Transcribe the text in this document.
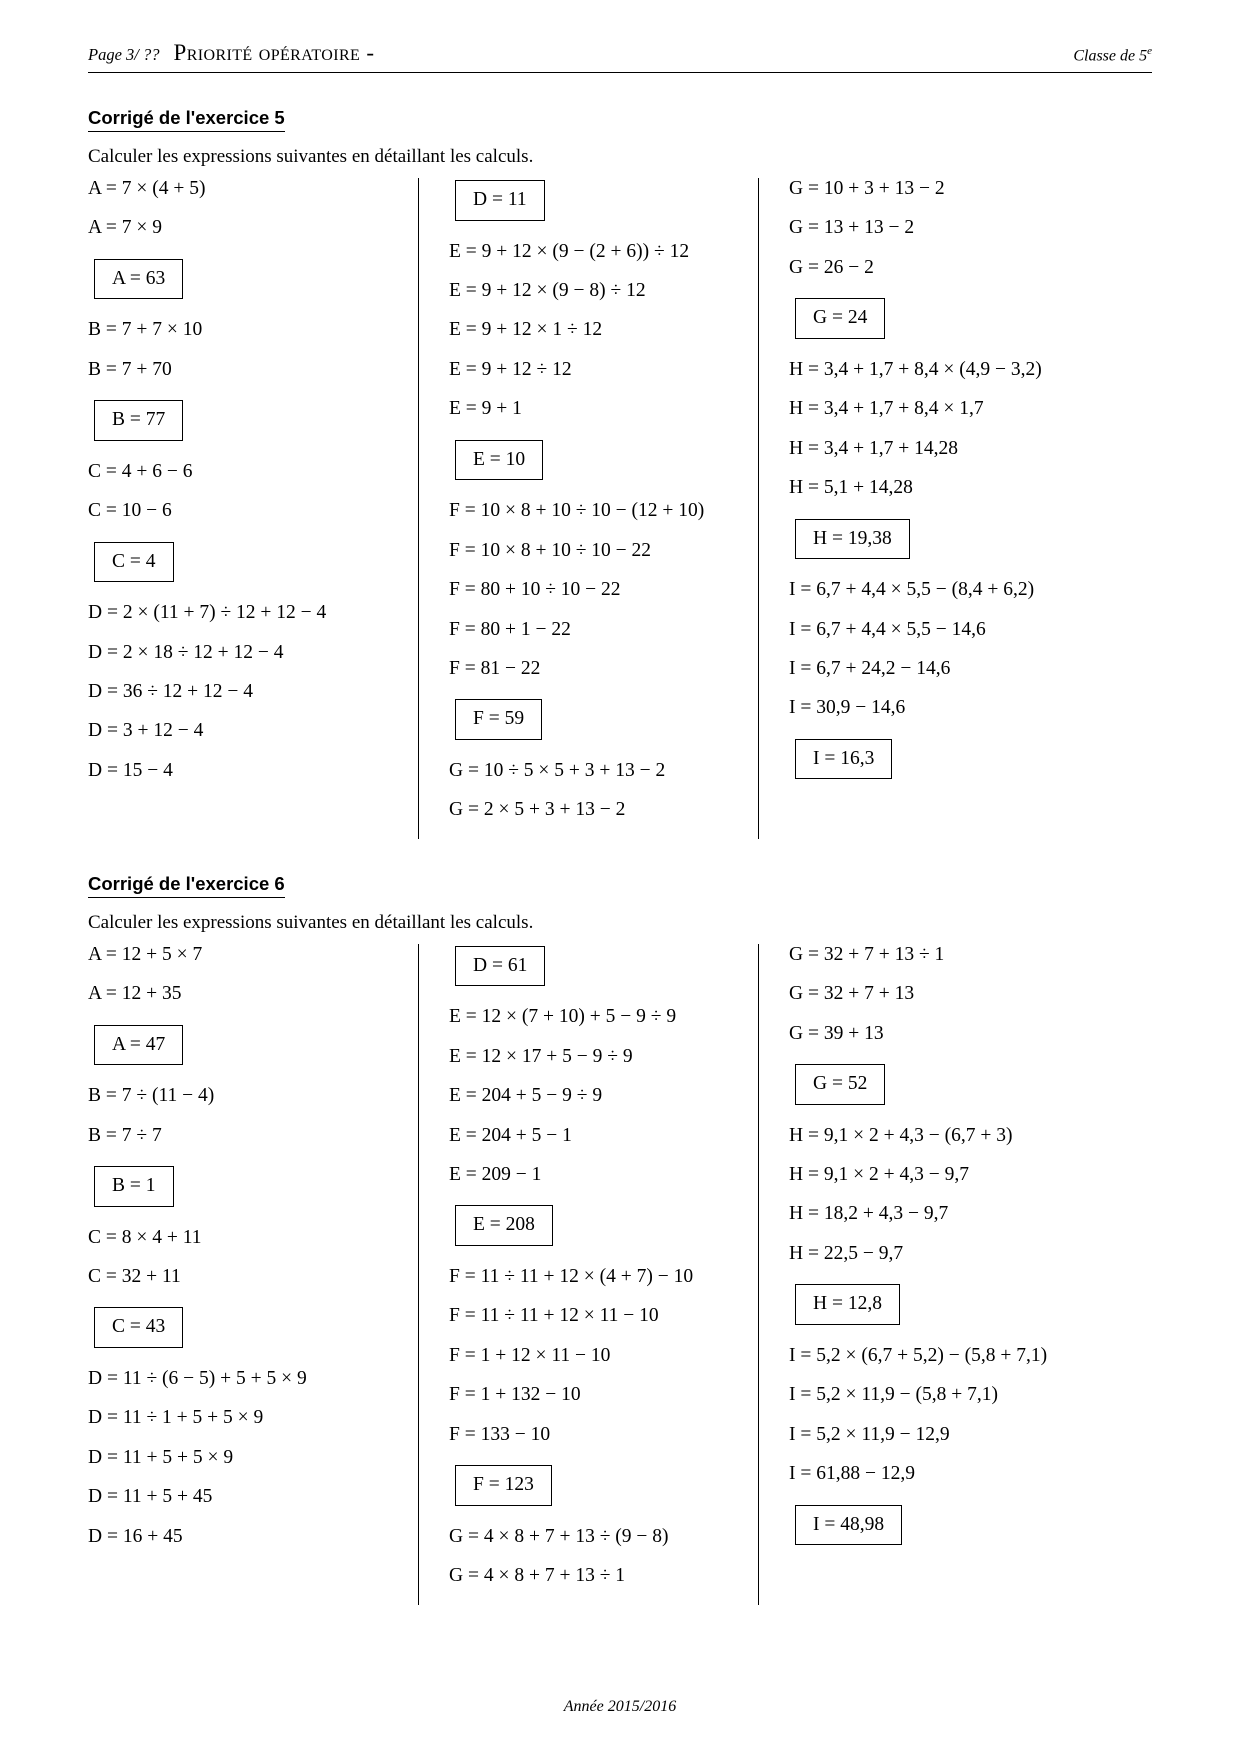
Page 3/ ?? Priorité opératoire -	Classe de 5e
Corrigé de l'exercice 5
Calculer les expressions suivantes en détaillant les calculs.
A = 7 × (4 + 5)
A = 7 × 9
A = 63
B = 7 + 7 × 10
B = 7 + 70
B = 77
C = 4 + 6 − 6
C = 10 − 6
C = 4
D = 2 × (11 + 7) ÷ 12 + 12 − 4
D = 2 × 18 ÷ 12 + 12 − 4
D = 36 ÷ 12 + 12 − 4
D = 3 + 12 − 4
D = 15 − 4
D = 11
E = 9 + 12 × (9 − (2 + 6)) ÷ 12
E = 9 + 12 × (9 − 8) ÷ 12
E = 9 + 12 × 1 ÷ 12
E = 9 + 12 ÷ 12
E = 9 + 1
E = 10
F = 10 × 8 + 10 ÷ 10 − (12 + 10)
F = 10 × 8 + 10 ÷ 10 − 22
F = 80 + 10 ÷ 10 − 22
F = 80 + 1 − 22
F = 81 − 22
F = 59
G = 10 ÷ 5 × 5 + 3 + 13 − 2
G = 2 × 5 + 3 + 13 − 2
G = 10 + 3 + 13 − 2
G = 13 + 13 − 2
G = 26 − 2
G = 24
H = 3,4 + 1,7 + 8,4 × (4,9 − 3,2)
H = 3,4 + 1,7 + 8,4 × 1,7
H = 3,4 + 1,7 + 14,28
H = 5,1 + 14,28
H = 19,38
I = 6,7 + 4,4 × 5,5 − (8,4 + 6,2)
I = 6,7 + 4,4 × 5,5 − 14,6
I = 6,7 + 24,2 − 14,6
I = 30,9 − 14,6
I = 16,3
Corrigé de l'exercice 6
Calculer les expressions suivantes en détaillant les calculs.
A = 12 + 5 × 7
A = 12 + 35
A = 47
B = 7 ÷ (11 − 4)
B = 7 ÷ 7
B = 1
C = 8 × 4 + 11
C = 32 + 11
C = 43
D = 11 ÷ (6 − 5) + 5 + 5 × 9
D = 11 ÷ 1 + 5 + 5 × 9
D = 11 + 5 + 5 × 9
D = 11 + 5 + 45
D = 16 + 45
D = 61
E = 12 × (7 + 10) + 5 − 9 ÷ 9
E = 12 × 17 + 5 − 9 ÷ 9
E = 204 + 5 − 9 ÷ 9
E = 204 + 5 − 1
E = 209 − 1
E = 208
F = 11 ÷ 11 + 12 × (4 + 7) − 10
F = 11 ÷ 11 + 12 × 11 − 10
F = 1 + 12 × 11 − 10
F = 1 + 132 − 10
F = 133 − 10
F = 123
G = 4 × 8 + 7 + 13 ÷ (9 − 8)
G = 4 × 8 + 7 + 13 ÷ 1
G = 32 + 7 + 13 ÷ 1
G = 32 + 7 + 13
G = 39 + 13
G = 52
H = 9,1 × 2 + 4,3 − (6,7 + 3)
H = 9,1 × 2 + 4,3 − 9,7
H = 18,2 + 4,3 − 9,7
H = 22,5 − 9,7
H = 12,8
I = 5,2 × (6,7 + 5,2) − (5,8 + 7,1)
I = 5,2 × 11,9 − (5,8 + 7,1)
I = 5,2 × 11,9 − 12,9
I = 61,88 − 12,9
I = 48,98
Année 2015/2016
